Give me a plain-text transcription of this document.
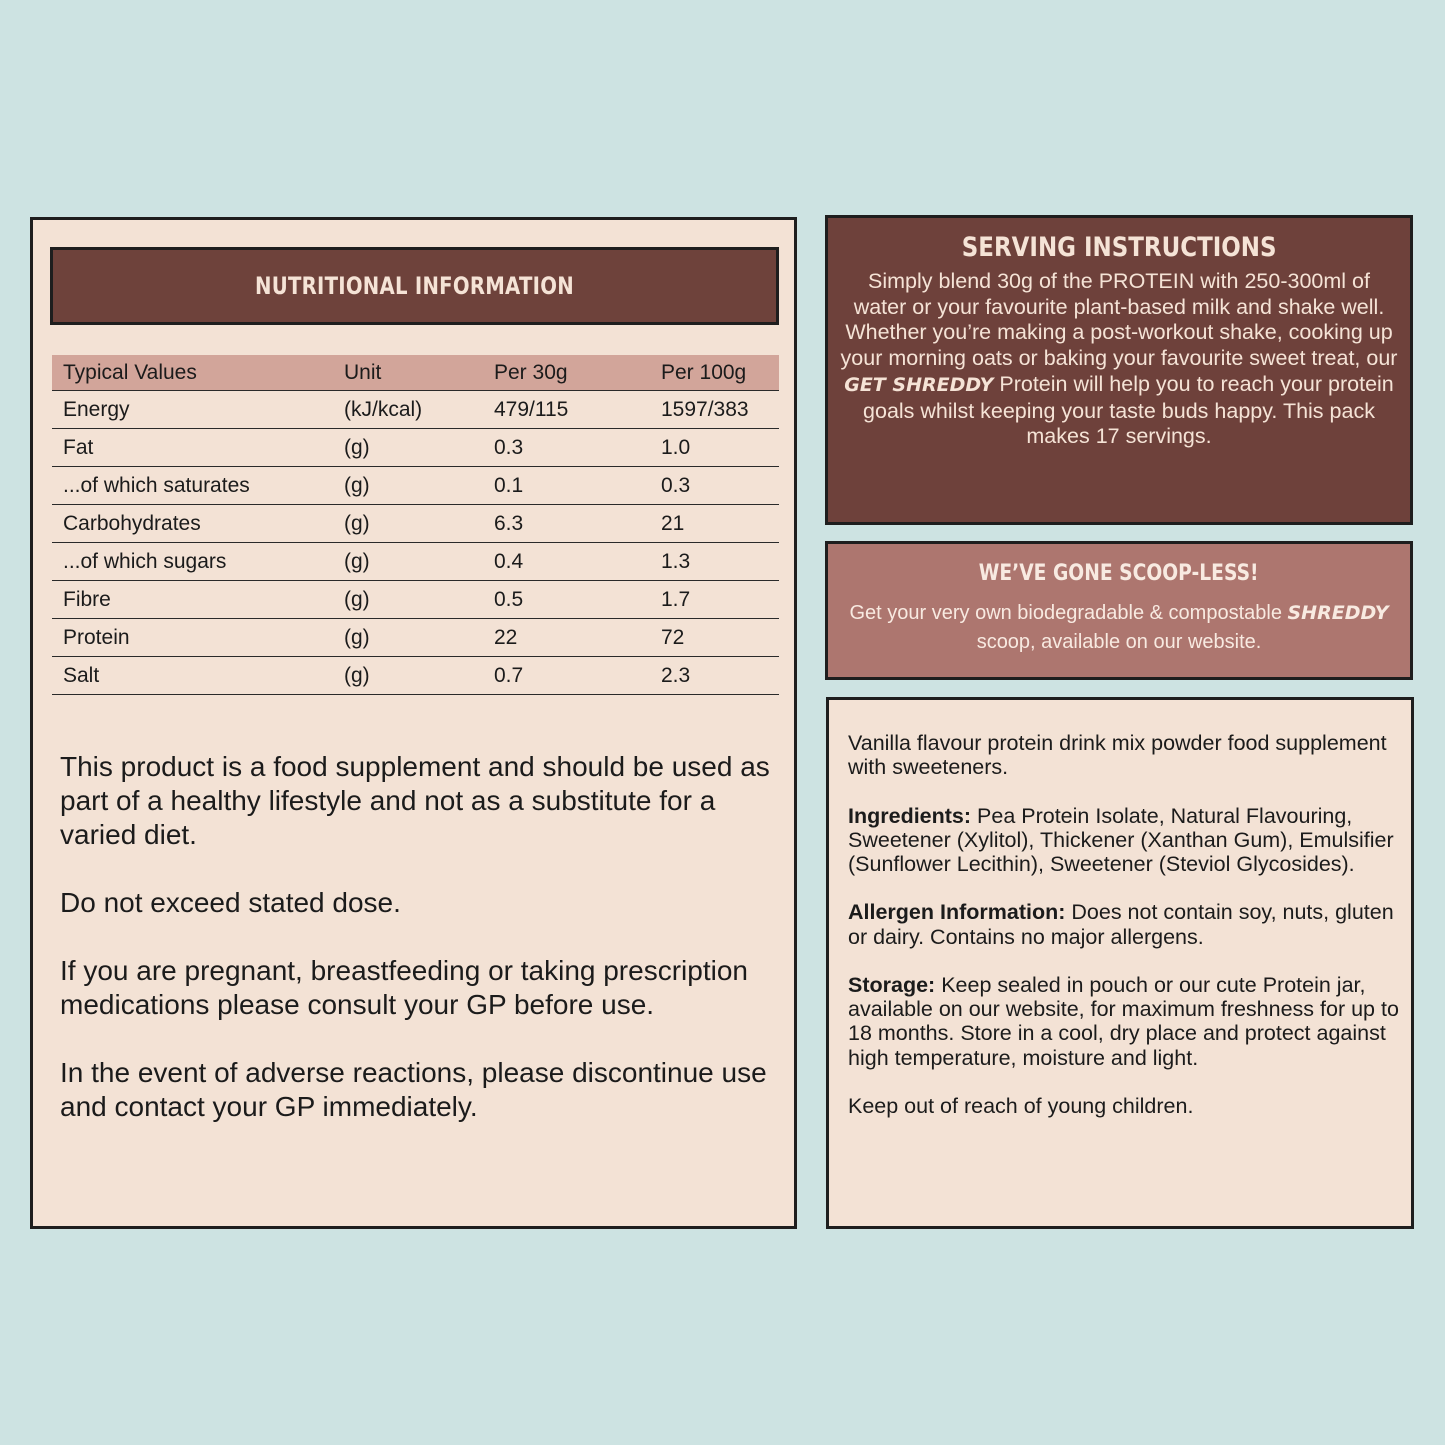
NUTRITIONAL INFORMATION
Typical Values	Unit	Per 30g	Per 100g
Energy	(kJ/kcal)	479/115	1597/383
Fat	(g)	0.3	1.0
...of which saturates	(g)	0.1	0.3
Carbohydrates	(g)	6.3	21
...of which sugars	(g)	0.4	1.3
Fibre	(g)	0.5	1.7
Protein	(g)	22	72
Salt	(g)	0.7	2.3

This product is a food supplement and should be used as part of a healthy lifestyle and not as a substitute for a varied diet.

Do not exceed stated dose.

If you are pregnant, breastfeeding or taking prescription medications please consult your GP before use.

In the event of adverse reactions, please discontinue use and contact your GP immediately.

SERVING INSTRUCTIONS

Simply blend 30g of the PROTEIN with 250-300ml of water or your favourite plant-based milk and shake well. Whether you’re making a post-workout shake, cooking up your morning oats or baking your favourite sweet treat, our GET SHREDDY Protein will help you to reach your protein goals whilst keeping your taste buds happy. This pack makes 17 servings.

WE’VE GONE SCOOP-LESS!

Get your very own biodegradable & compostable SHREDDY scoop, available on our website.

Vanilla flavour protein drink mix powder food supplement with sweeteners.

Ingredients: Pea Protein Isolate, Natural Flavouring, Sweetener (Xylitol), Thickener (Xanthan Gum), Emulsifier (Sunflower Lecithin), Sweetener (Steviol Glycosides).

Allergen Information: Does not contain soy, nuts, gluten or dairy. Contains no major allergens.

Storage: Keep sealed in pouch or our cute Protein jar, available on our website, for maximum freshness for up to 18 months. Store in a cool, dry place and protect against high temperature, moisture and light.

Keep out of reach of young children.
